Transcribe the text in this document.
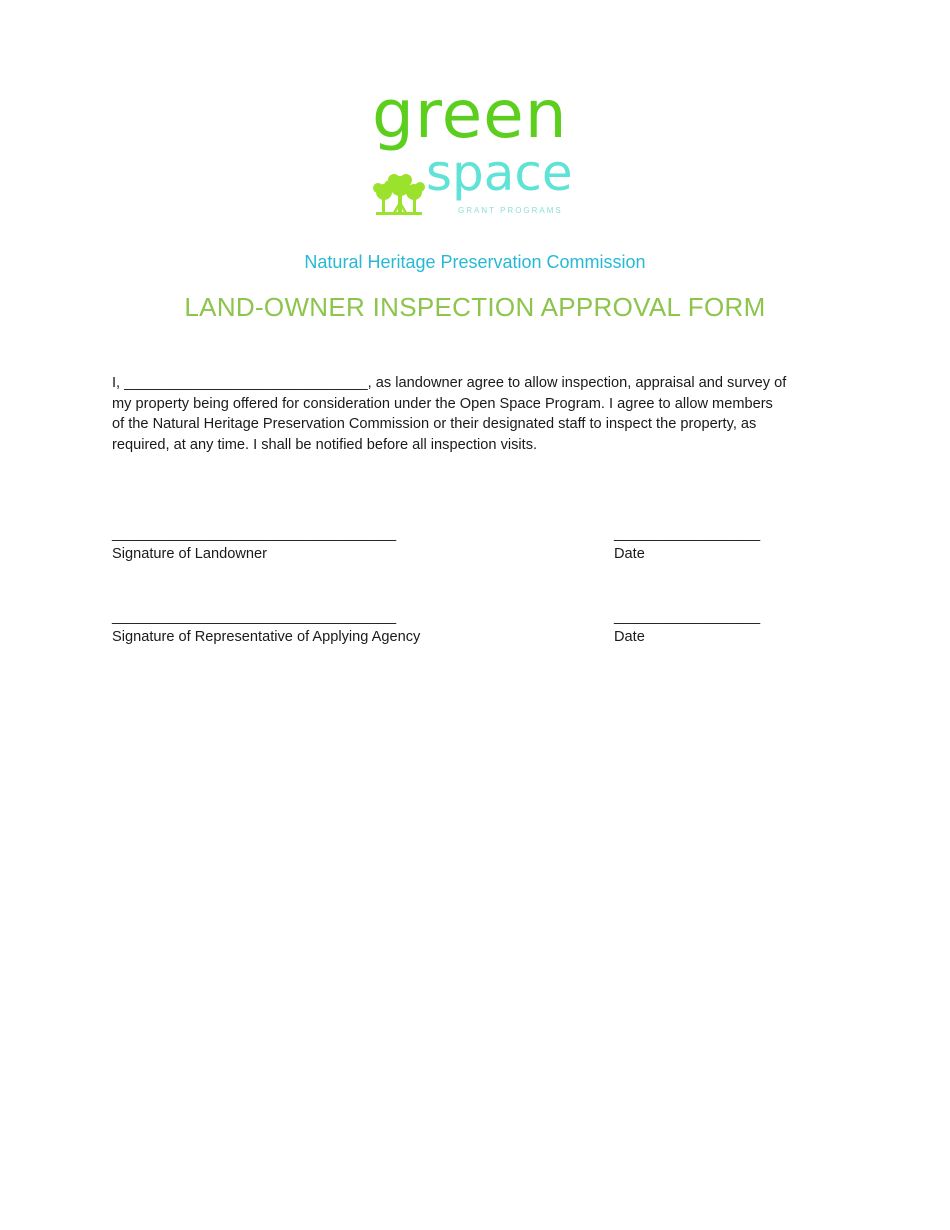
green
space
GRANT PROGRAMS
Natural Heritage Preservation Commission
LAND-OWNER INSPECTION APPROVAL FORM

I, ______________________________, as landowner agree to allow inspection, appraisal and survey of

my property being offered for consideration under the Open Space Program. I agree to allow members

of the Natural Heritage Preservation Commission or their designated staff to inspect the property, as

required, at any time. I shall be notified before all inspection visits.

___________________________________
Signature of Landowner
__________________
Date
___________________________________
Signature of Representative of Applying Agency
__________________
Date
